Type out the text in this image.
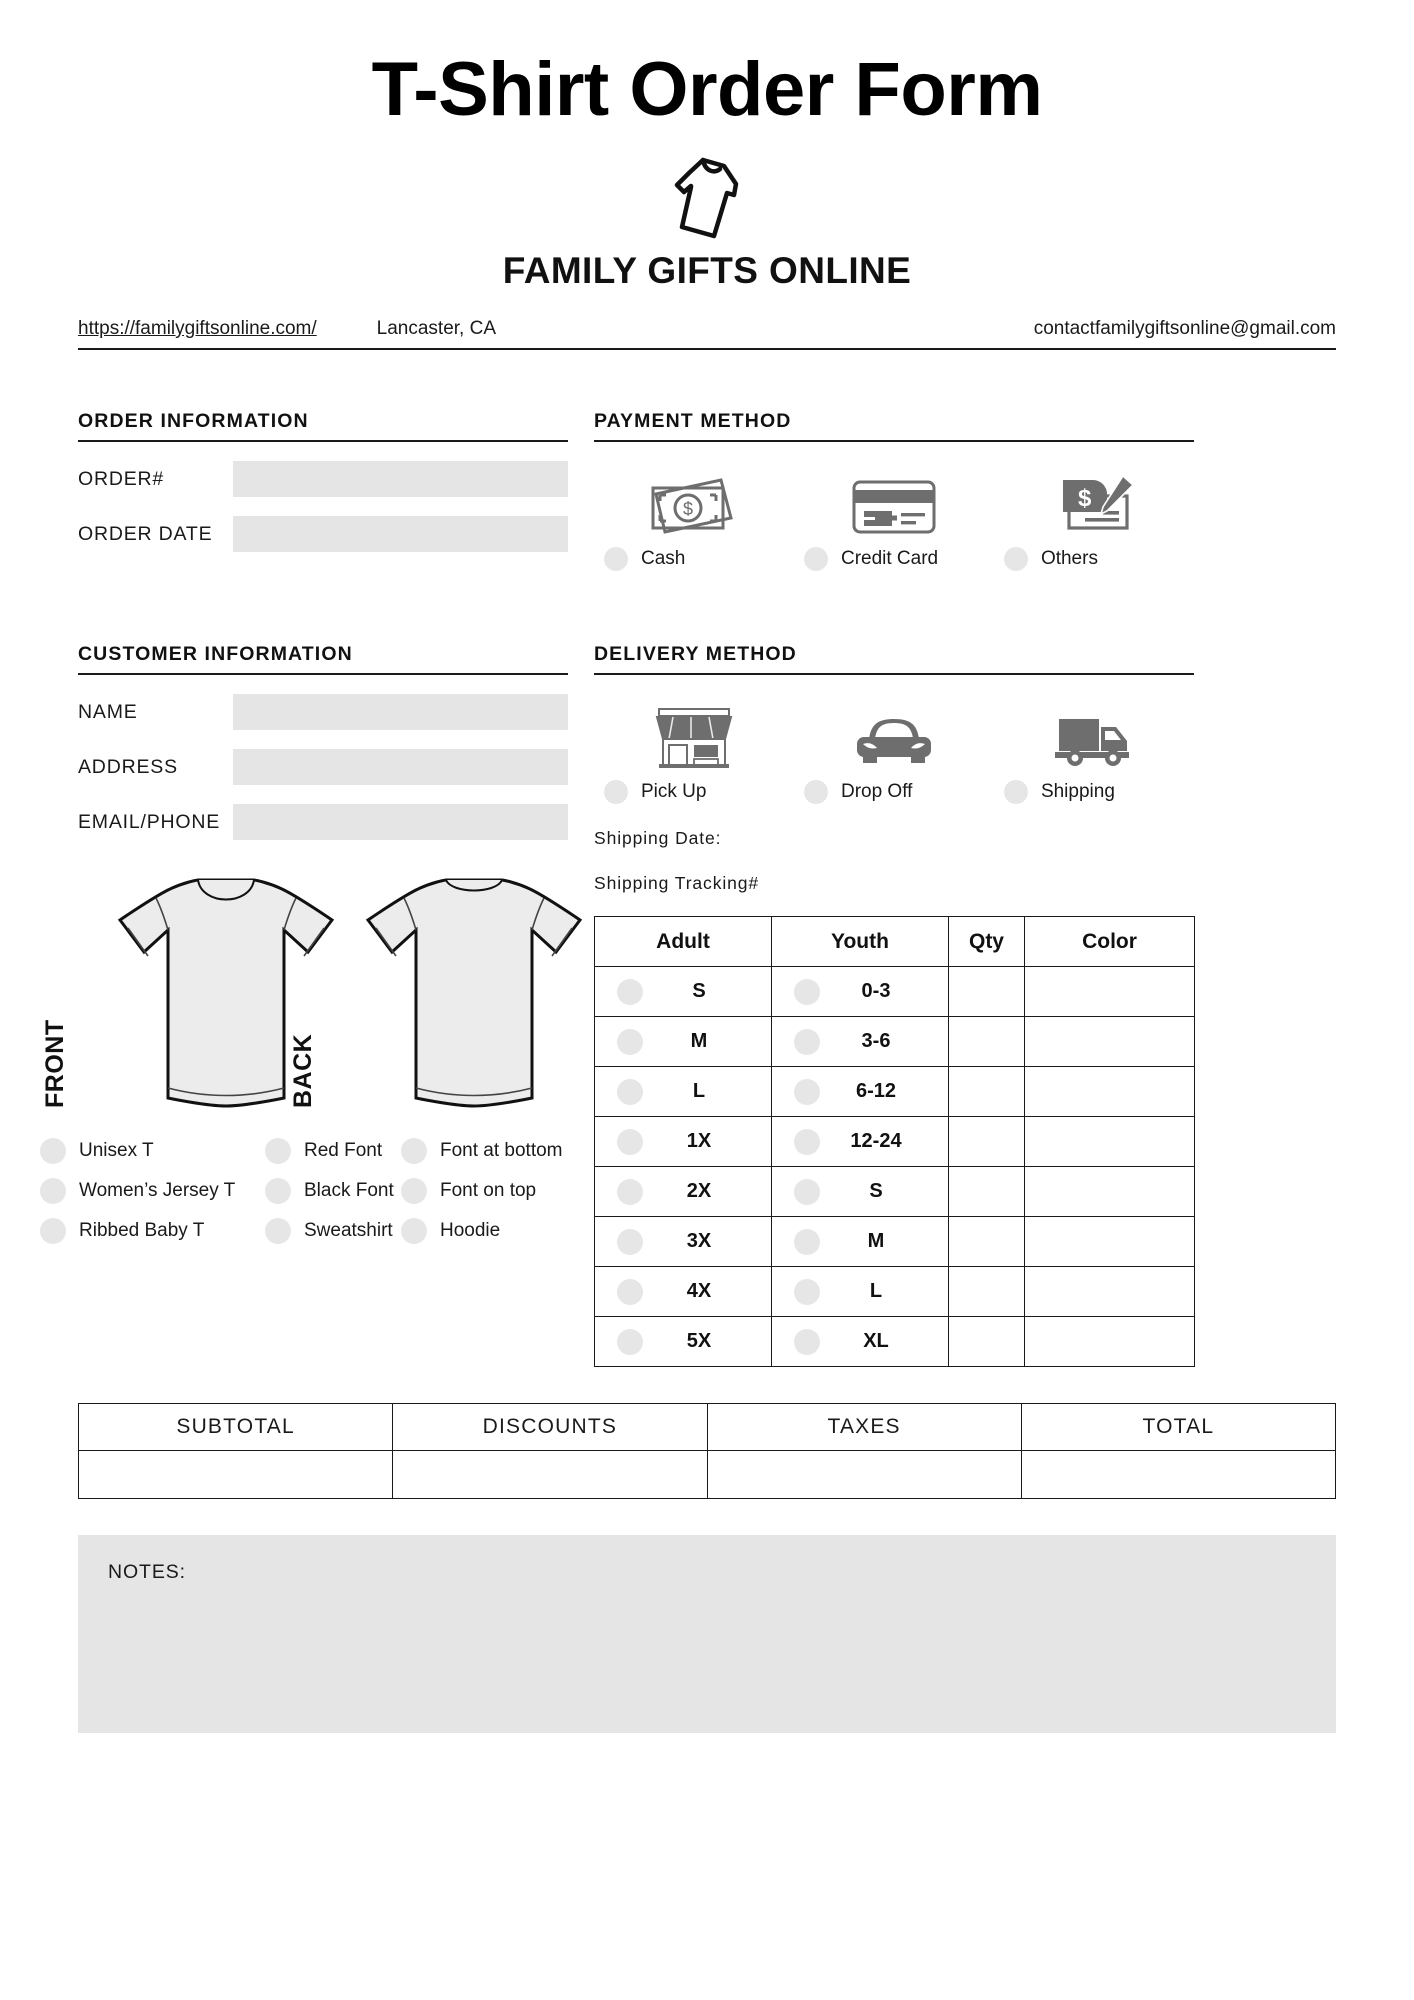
T-Shirt Order Form
FAMILY GIFTS ONLINE
https://familygiftsonline.com/	Lancaster, CA	contactfamilygiftsonline@gmail.com
ORDER INFORMATION
ORDER#
ORDER DATE
PAYMENT METHOD
$
Cash	Credit Card
$
Others
CUSTOMER INFORMATION
NAME
ADDRESS
EMAIL/PHONE
FRONT	BACK
Unisex T
Women’s Jersey T
Ribbed Baby T
Red Font
Black Font
Sweatshirt
Font at bottom
Font on top
Hoodie
DELIVERY METHOD
Pick Up	Drop Off	Shipping
Shipping Date:
Shipping Tracking#
Adult	Youth	Qty	Color

S	0-3		

M	3-6		

L	6-12		

1X	12-24		

2X	S		

3X	M		

4X	L		

5X	XL		

SUBTOTAL	DISCOUNTS	TAXES	TOTAL

NOTES:
